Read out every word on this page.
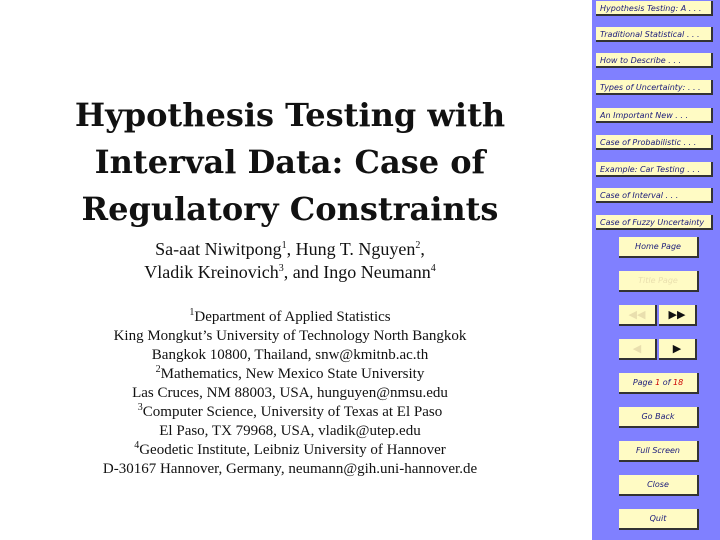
Hypothesis Testing with
Interval Data: Case of
Regulatory Constraints
Sa-aat Niwitpong$^1$, Hung T. Nguyen$^2$,
Vladik Kreinovich$^3$, and Ingo Neumann$^4$
$^1$Department of Applied Statistics
King Mongkut’s University of Technology North Bangkok
Bangkok 10800, Thailand, snw@kmitnb.ac.th
$^2$Mathematics, New Mexico State University
Las Cruces, NM 88003, USA, hunguyen@nmsu.edu
$^3$Computer Science, University of Texas at El Paso
El Paso, TX 79968, USA, vladik@utep.edu
$^4$Geodetic Institute, Leibniz University of Hannover
D-30167 Hannover, Germany, neumann@gih.uni-hannover.de
Hypothesis Testing: A . . .
Traditional Statistical . . .
How to Describe . . .
Types of Uncertainty: . . .
An Important New . . .
Case of Probabilistic . . .
Example: Car Testing . . .
Case of Interval . . .
Case of Fuzzy Uncertainty
Home Page
Title Page
◀◀	▶▶
◀	▶
Page 1 of 18
Go Back
Full Screen
Close
Quit
